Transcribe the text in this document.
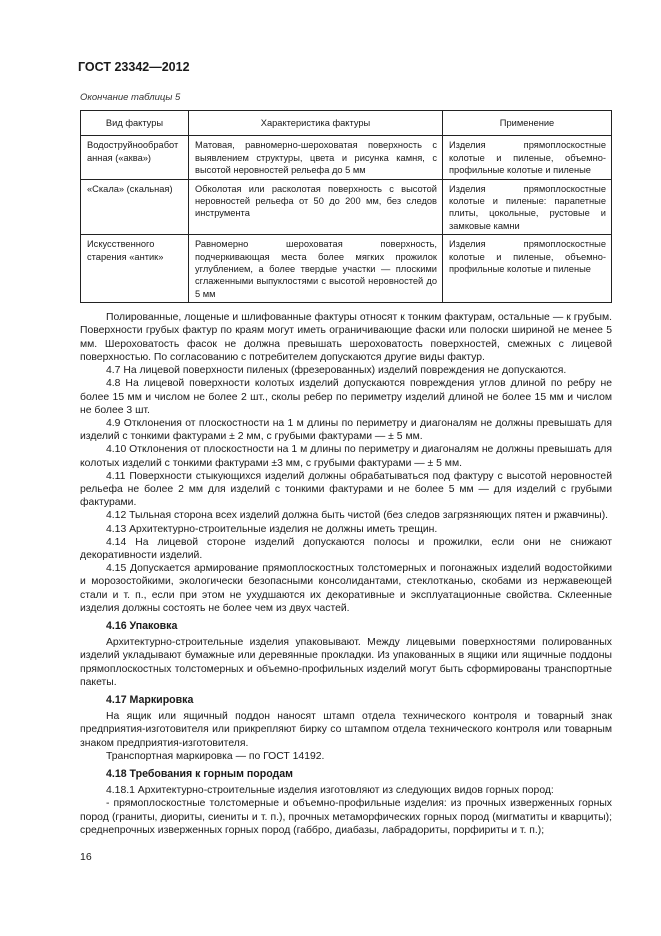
ГОСТ 23342—2012
Окончание таблицы 5
Вид фактуры	Характеристика фактуры	Применение
Водоструйнообработанная («аква»)	Матовая, равномерно-шероховатая поверхность с выявлением структуры, цвета и рисунка камня, с высотой неровностей рельефа до 5 мм	Изделия прямоплоскостные колотые и пиленые, объемно-профильные колотые и пиленые
«Скала» (скальная)	Обколотая или расколотая поверхность с высотой неровностей рельефа от 50 до 200 мм, без следов инструмента	Изделия прямоплоскостные колотые и пиленые: парапетные плиты, цокольные, рустовые и замковые камни
Искусственного старения «антик»	Равномерно шероховатая поверхность, подчеркивающая места более мягких прожилок углублением, а более твердые участки — плоскими сглаженными выпуклостями с высотой неровностей до 5 мм	Изделия прямоплоскостные колотые и пиленые, объемно-профильные колотые и пиленые

Полированные, лощеные и шлифованные фактуры относят к тонким фактурам, остальные — к грубым. Поверхности грубых фактур по краям могут иметь ограничивающие фаски или полоски шириной не менее 5 мм. Шероховатость фасок не должна превышать шероховатость поверхностей, смежных с лицевой поверхностью. По согласованию с потребителем допускаются другие виды фактур.

4.7 На лицевой поверхности пиленых (фрезерованных) изделий повреждения не допускаются.

4.8 На лицевой поверхности колотых изделий допускаются повреждения углов длиной по ребру не более 15 мм и числом не более 2 шт., сколы ребер по периметру изделий длиной не более 15 мм и числом не более 3 шт.

4.9 Отклонения от плоскостности на 1 м длины по периметру и диагоналям не должны превышать для изделий с тонкими фактурами ± 2 мм, с грубыми фактурами — ± 5 мм.

4.10 Отклонения от плоскостности на 1 м длины по периметру и диагоналям не должны превышать для колотых изделий с тонкими фактурами ±3 мм, с грубыми фактурами — ± 5 мм.

4.11 Поверхности стыкующихся изделий должны обрабатываться под фактуру с высотой неровностей рельефа не более 2 мм для изделий с тонкими фактурами и не более 5 мм — для изделий с грубыми фактурами.

4.12 Тыльная сторона всех изделий должна быть чистой (без следов загрязняющих пятен и ржавчины).

4.13 Архитектурно-строительные изделия не должны иметь трещин.

4.14 На лицевой стороне изделий допускаются полосы и прожилки, если они не снижают декоративности изделий.

4.15 Допускается армирование прямоплоскостных толстомерных и погонажных изделий водостойкими и морозостойкими, экологически безопасными консолидантами, стеклотканью, скобами из нержавеющей стали и т. п., если при этом не ухудшаются их декоративные и эксплуатационные свойства. Склеенные изделия должны состоять не более чем из двух частей.

4.16 Упаковка

Архитектурно-строительные изделия упаковывают. Между лицевыми поверхностями полированных изделий укладывают бумажные или деревянные прокладки. Из упакованных в ящики или ящичные поддоны прямоплоскостных толстомерных и объемно-профильных изделий могут быть сформированы транспортные пакеты.

4.17 Маркировка

На ящик или ящичный поддон наносят штамп отдела технического контроля и товарный знак предприятия-изготовителя или прикрепляют бирку со штампом отдела технического контроля или товарным знаком предприятия-изготовителя.

Транспортная маркировка — по ГОСТ 14192.

4.18 Требования к горным породам

4.18.1 Архитектурно-строительные изделия изготовляют из следующих видов горных пород:

- прямоплоскостные толстомерные и объемно-профильные изделия: из прочных изверженных горных пород (граниты, диориты, сиениты и т. п.), прочных метаморфических горных пород (мигматиты и кварциты); среднепрочных изверженных горных пород (габбро, диабазы, лабрадориты, порфириты и т. п.);

16
